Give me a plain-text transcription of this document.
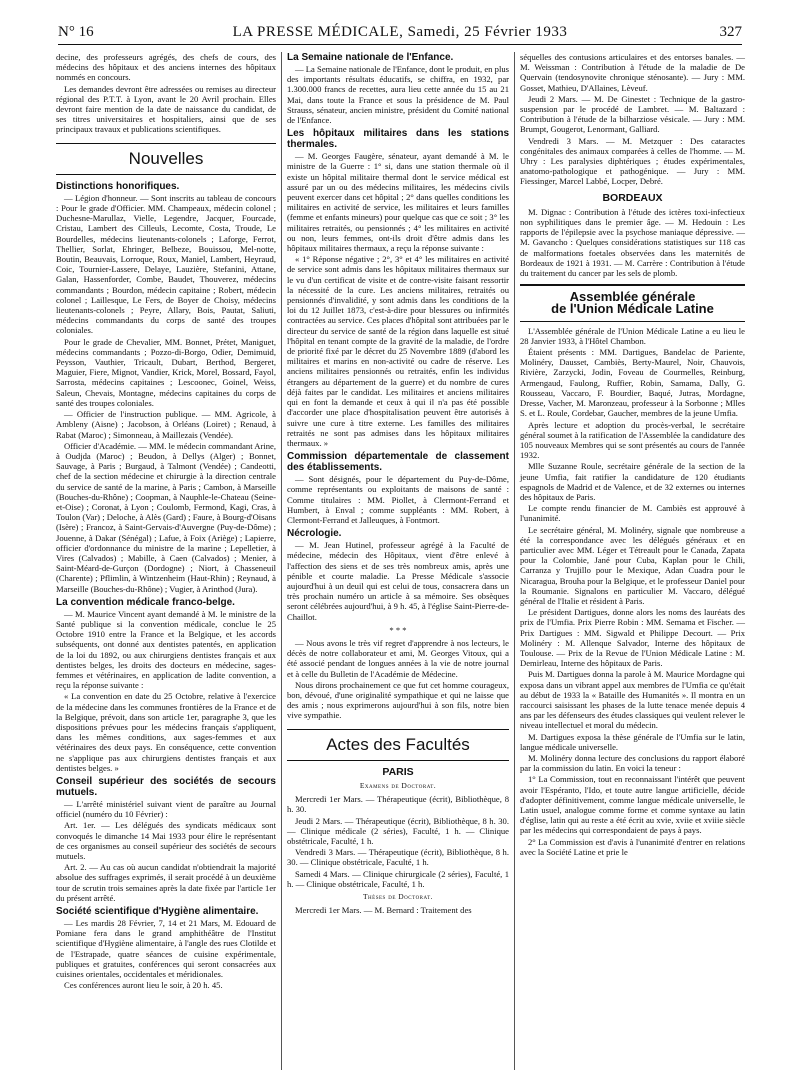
N° 16	LA PRESSE MÉDICALE, Samedi, 25 Février 1933	327

decine, des professeurs agrégés, des chefs de cours, des médecins des hôpitaux et des anciens internes des hôpitaux nommés en concours.

Les demandes devront être adressées ou remises au directeur régional des P.T.T. à Lyon, avant le 20 Avril prochain. Elles devront faire mention de la date de naissance du candidat, de ses titres universitaires et hospitaliers, ainsi que de ses principaux travaux et publications scientifiques.

Nouvelles
Distinctions honorifiques.

— Légion d'honneur. — Sont inscrits au tableau de concours : Pour le grade d'Officier. MM. Champeaux, médecin colonel ; Duchesne-Marullaz, Vielle, Legendre, Jacquer, Fourcade, Cristau, Lambert des Cilleuls, Lecomte, Costa, Troude, Le Bourdelles, médecins lieutenants-colonels ; Laforge, Ferrot, Thellier, Sorlat, Ehringer, Belbeze, Bouissou, Mel-notte, Boutin, Beauvais, Lorroque, Roux, Maniel, Lambert, Heyraud, Coic, Tournier-Lassere, Delaye, Lauzière, Stefanini, Attane, Galan, Hassenforder, Combe, Baudet, Thouverez, médecins commandants ; Bourdon, médecin capitaine ; Robert, médecin colonel ; Laillesque, Le Fers, de Boyer de Choisy, médecins lieutenants-colonels ; Peyre, Allary, Bois, Pautat, Saliuti, médecins commandants du corps de santé des troupes coloniales.

Pour le grade de Chevalier, MM. Bonnet, Prétet, Maniguet, médecins commandants ; Pozzo-di-Borgo, Odier, Demimuid, Peysson, Vauthier, Tricault, Dubart, Berthod, Bergeret, Maguier, Fiere, Mignot, Vandier, Krick, Morel, Bossard, Fayol, Sarrosta, médecins capitaines ; Lescoonec, Goinel, Weiss, Saleun, Chevais, Montagne, médecins capitaines du corps de santé des troupes coloniales.

— Officier de l'instruction publique. — MM. Agricole, à Ambleny (Aisne) ; Jacobson, à Orléans (Loiret) ; Renaud, à Rabat (Maroc) ; Simonneau, à Maillezais (Vendée).

Officier d'Académie. — MM. le médecin commandant Arine, à Oudjda (Maroc) ; Beudon, à Dellys (Alger) ; Bonnet, Sauvage, à Paris ; Burgaud, à Talmont (Vendée) ; Candeotti, chef de la section médecine et chirurgie à la direction centrale du service de santé de la marine, à Paris ; Cambon, à Marseille (Bouches-du-Rhône) ; Coopman, à Nauphle-le-Chateau (Seine-et-Oise) ; Coronat, à Lyon ; Coulomb, Fermond, Kagi, Cras, à Toulon (Var) ; Deloche, à Alès (Gard) ; Faure, à Bourg-d'Oisans (Isère) ; Francoz, à Saint-Gervais-d'Auvergne (Puy-de-Dôme) ; Jouenne, à Dakar (Sénégal) ; Lafue, à Foix (Ariège) ; Lapierre, officier d'ordonnance du ministre de la marine ; Lepelletier, à Vires (Calvados) ; Mabille, à Caen (Calvados) ; Menier, à Saint-Méard-de-Gurçon (Dordogne) ; Niort, à Chasseneuil (Charente) ; Pflimlin, à Wintzenheim (Haut-Rhin) ; Reynaud, à Marseille (Bouches-du-Rhône) ; Vugier, à Arinthod (Jura).

La convention médicale franco-belge.

— M. Maurice Vincent ayant demandé à M. le ministre de la Santé publique si la convention médicale, conclue le 25 Octobre 1910 entre la France et la Belgique, et les accords subséquents, ont donné aux dentistes patentés, en application de la loi du 1892, ou aux chirurgiens dentistes français et aux dentistes belges, les droits des docteurs en médecine, sages-femmes et vétérinaires, en application de ladite convention, a reçu la réponse suivante :

« La convention en date du 25 Octobre, relative à l'exercice de la médecine dans les communes frontières de la France et de la Belgique, prévoit, dans son article 1er, paragraphe 3, que les dispositions prévues pour les médecins français s'appliquent, dans les mêmes conditions, aux sages-femmes et aux vétérinaires des deux pays. En conséquence, cette convention ne s'applique pas aux chirurgiens dentistes français et aux dentistes belges. »

Conseil supérieur des sociétés de secours mutuels.

— L'arrêté ministériel suivant vient de paraître au Journal officiel (numéro du 10 Février) :

Art. 1er. — Les délégués des syndicats médicaux sont convoqués le dimanche 14 Mai 1933 pour élire le représentant de ces organismes au conseil supérieur des sociétés de secours mutuels.

Art. 2. — Au cas où aucun candidat n'obtiendrait la majorité absolue des suffrages exprimés, il serait procédé à un deuxième tour de scrutin trois semaines après la date fixée par l'article 1er du présent arrêté.

Société scientifique d'Hygiène alimentaire.

— Les mardis 28 Février, 7, 14 et 21 Mars, M. Edouard de Pomiane fera dans le grand amphithéâtre de l'Institut scientifique d'Hygiène alimentaire, à l'angle des rues Clotilde et de l'Estrapade, quatre séances de cuisine expérimentale, publiques et gratuites, conférences qui seront consacrées aux cuisines orientales, occidentales et méridionales.

Ces conférences auront lieu le soir, à 20 h. 45.

La Semaine nationale de l'Enfance.

— La Semaine nationale de l'Enfance, dont le produit, en plus des importants résultats éducatifs, se chiffra, en 1932, par 1.300.000 francs de recettes, aura lieu cette année du 15 au 21 Mai, dans toute la France et sous la présidence de M. Paul Strauss, sénateur, ancien ministre, président du Comité national de l'Enfance.

Les hôpitaux militaires dans les stations thermales.

— M. Georges Faugère, sénateur, ayant demandé à M. le ministre de la Guerre : 1° si, dans une station thermale où il existe un hôpital militaire thermal dont le service médical est assuré par un ou des médecins militaires, les médecins civils peuvent exercer dans cet hôpital ; 2° dans quelles conditions les militaires en activité de service, les militaires et leurs familles (femme et enfants mineurs) pour quelque cas que ce soit ; 3° les militaires retraités, ou pensionnés ; 4° les militaires en activité ou non, leurs femmes, ont-ils droit d'être admis dans les hôpitaux militaires thermaux, a reçu la réponse suivante :

« 1° Réponse négative ; 2°, 3° et 4° les militaires en activité de service sont admis dans les hôpitaux militaires thermaux sur le vu d'un certificat de visite et de contre-visite faisant ressortir la nécessité de la cure. Les anciens militaires, retraités ou pensionnés d'invalidité, y sont admis dans les conditions de la loi du 12 Juillet 1873, c'est-à-dire pour blessures ou infirmités contractées au service. Ces places d'hôpital sont attribuées par le directeur du service de santé de la région dans laquelle est situé l'hôpital en tenant compte de la gravité de la maladie, de l'ordre de priorité fixé par le décret du 25 Novembre 1889 (d'abord les militaires et marins en non-activité ou cadre de réserve. Les anciens militaires pensionnés ou retraités, enfin les individus étrangers au département de la guerre) et du nombre de cures déjà faites par le candidat. Les militaires et anciens militaires qui en font la demande et ceux à qui il n'a pas été possible d'accorder une place d'hospitalisation peuvent être autorisés à suivre une cure à titre externe. Les familles des militaires retraités ne sont pas admises dans les hôpitaux militaires thermaux. »

Commission départementale de classement des établissements.

— Sont désignés, pour le département du Puy-de-Dôme, comme représentants ou exploitants de maisons de santé : Comme titulaires : MM. Piollet, à Clermont-Ferrand et Humbert, à Enval ; comme suppléants : MM. Robert, à Clermont-Ferrand et Jalleuques, à Fontmort.

Nécrologie.

— M. Jean Hutinel, professeur agrégé à la Faculté de médecine, médecin des Hôpitaux, vient d'être enlevé à l'affection des siens et de ses très nombreux amis, après une pénible et courte maladie. La Presse Médicale s'associe aujourd'hui à un deuil qui est celui de tous, consacrera dans un très prochain numéro un article à sa mémoire. Ses obsèques seront célébrées aujourd'hui, à 9 h. 45, à l'église Saint-Pierre-de-Chaillot.

* * *

— Nous avons le très vif regret d'apprendre à nos lecteurs, le décès de notre collaborateur et ami, M. Georges Vitoux, qui a été associé pendant de longues années à la vie de notre journal et à celle du Bulletin de l'Académie de Médecine.

Nous dirons prochainement ce que fut cet homme courageux, bon, dévoué, d'une originalité sympathique et qui ne laisse que des amis ; nous exprimerons aujourd'hui à son fils, notre bien vive sympathie.

Actes des Facultés
PARIS
Examens de Doctorat.

Mercredi 1er Mars. — Thérapeutique (écrit), Bibliothèque, 8 h. 30.

Jeudi 2 Mars. — Thérapeutique (écrit), Bibliothèque, 8 h. 30. — Clinique médicale (2 séries), Faculté, 1 h. — Clinique obstétricale, Faculté, 1 h.

Vendredi 3 Mars. — Thérapeutique (écrit), Bibliothèque, 8 h. 30. — Clinique obstétricale, Faculté, 1 h.

Samedi 4 Mars. — Clinique chirurgicale (2 séries), Faculté, 1 h. — Clinique obstétricale, Faculté, 1 h.

Thèses de Doctorat.

Mercredi 1er Mars. — M. Bernard : Traitement des

séquelles des contusions articulaires et des entorses banales. — M. Weissman : Contribution à l'étude de la maladie de De Quervain (tendosynovite chronique sténosante). — Jury : MM. Gosset, Mathieu, D'Allaines, Lèveuf.

Jeudi 2 Mars. — M. De Ginestet : Technique de la gastro-suspension par le procédé de Lambret. — M. Baltazard : Contribution à l'étude de la bilharziose vésicale. — Jury : MM. Brumpt, Gougerot, Lenormant, Galliard.

Vendredi 3 Mars. — M. Metzquer : Des cataractes congénitales des animaux comparées à celles de l'homme. — M. Uhry : Les paralysies diphtériques ; études expérimentales, anatomo-pathologique et pathogénique. — Jury : MM. Fiessinger, Marcel Labbé, Locper, Debré.

BORDEAUX

M. Dignac : Contribution à l'étude des ictères toxi-infectieux non syphilitiques dans le premier âge. — M. Hedouin : Les rapports de l'épilepsie avec la psychose maniaque dépressive. — M. Gavancho : Quelques considérations statistiques sur 118 cas de malformations foetales observées dans les maternités de Bordeaux de 1921 à 1931. — M. Carrère : Contribution à l'étude du traitement du cancer par les sels de plomb.

Assemblée générale
de l'Union Médicale Latine

L'Assemblée générale de l'Union Médicale Latine a eu lieu le 28 Janvier 1933, à l'Hôtel Chambon.

Étaient présents : MM. Dartigues, Bandelac de Pariente, Molinéry, Dausset, Cambiès, Berty-Maurel, Noir, Chauvois, Rivière, Zarzycki, Jodin, Foveau de Courmelles, Reinburg, Armengaud, Faulong, Ruffier, Robin, Samama, Dally, G. Rousseau, Vaccaro, F. Bourdier, Baqué, Jutras, Mordagne, Dresse, Vacher, M. Maronzeau, professeur à la Sorbonne ; Mlles S. et L. Roule, Cordebar, Gaucher, membres de la jeune Umfia.

Après lecture et adoption du procès-verbal, le secrétaire général soumet à la ratification de l'Assemblée la candidature des 105 nouveaux Membres qui se sont présentés au cours de l'année 1932.

Mlle Suzanne Roule, secrétaire générale de la section de la jeune Umfia, fait ratifier la candidature de 120 étudiants espagnols de Madrid et de Valence, et de 32 externes ou internes des hôpitaux de Paris.

Le compte rendu financier de M. Cambiès est approuvé à l'unanimité.

Le secrétaire général, M. Molinéry, signale que nombreuse a été la correspondance avec les délégués généraux et en particulier avec MM. Léger et Tétreault pour le Canada, Zapata pour la Colombie, Jané pour Cuba, Kaplan pour le Chili, Carranza y Trujillo pour le Mexique, Adan Cuadra pour le Nicaragua, Brouha pour la Belgique, et le professeur Daniel pour la Roumanie. Signalons en particulier M. Vaccaro, délégué général de l'Italie et résident à Paris.

Le président Dartigues, donne alors les noms des lauréats des prix de l'Umfia. Prix Pierre Robin : MM. Semama et Fischer. — Prix Dartigues : MM. Sigwald et Philippe Decourt. — Prix Molinéry : M. Allenque Salvador, Interne des hôpitaux de Toulouse. — Prix de la Revue de l'Union Médicale Latine : M. Demirleau, Interne des hôpitaux de Paris.

Puis M. Dartigues donna la parole à M. Maurice Mordagne qui exposa dans un vibrant appel aux membres de l'Umfia ce qu'était au début de 1933 la « Bataille des Humanités ». Il montra en un raccourci saisissant les phases de la lutte tenace menée depuis 4 ans par les défenseurs des études classiques qui veulent relever le niveau intellectuel et moral du médecin.

M. Dartigues exposa la thèse générale de l'Umfia sur le latin, langue médicale universelle.

M. Molinéry donna lecture des conclusions du rapport élaboré par la commission du latin. En voici la teneur :

1° La Commission, tout en reconnaissant l'intérêt que peuvent avoir l'Espéranto, l'Ido, et toute autre langue artificielle, décide d'adopter définitivement, comme langue médicale universelle, le Latin usuel, analogue comme forme et comme syntaxe au latin d'église, latin qui au reste a été écrit au xvie, xviie et xviiie siècle par les médecins qui correspondaient de pays à pays.

2° La Commission est d'avis à l'unanimité d'entrer en relations avec la Société Latine et prie le
